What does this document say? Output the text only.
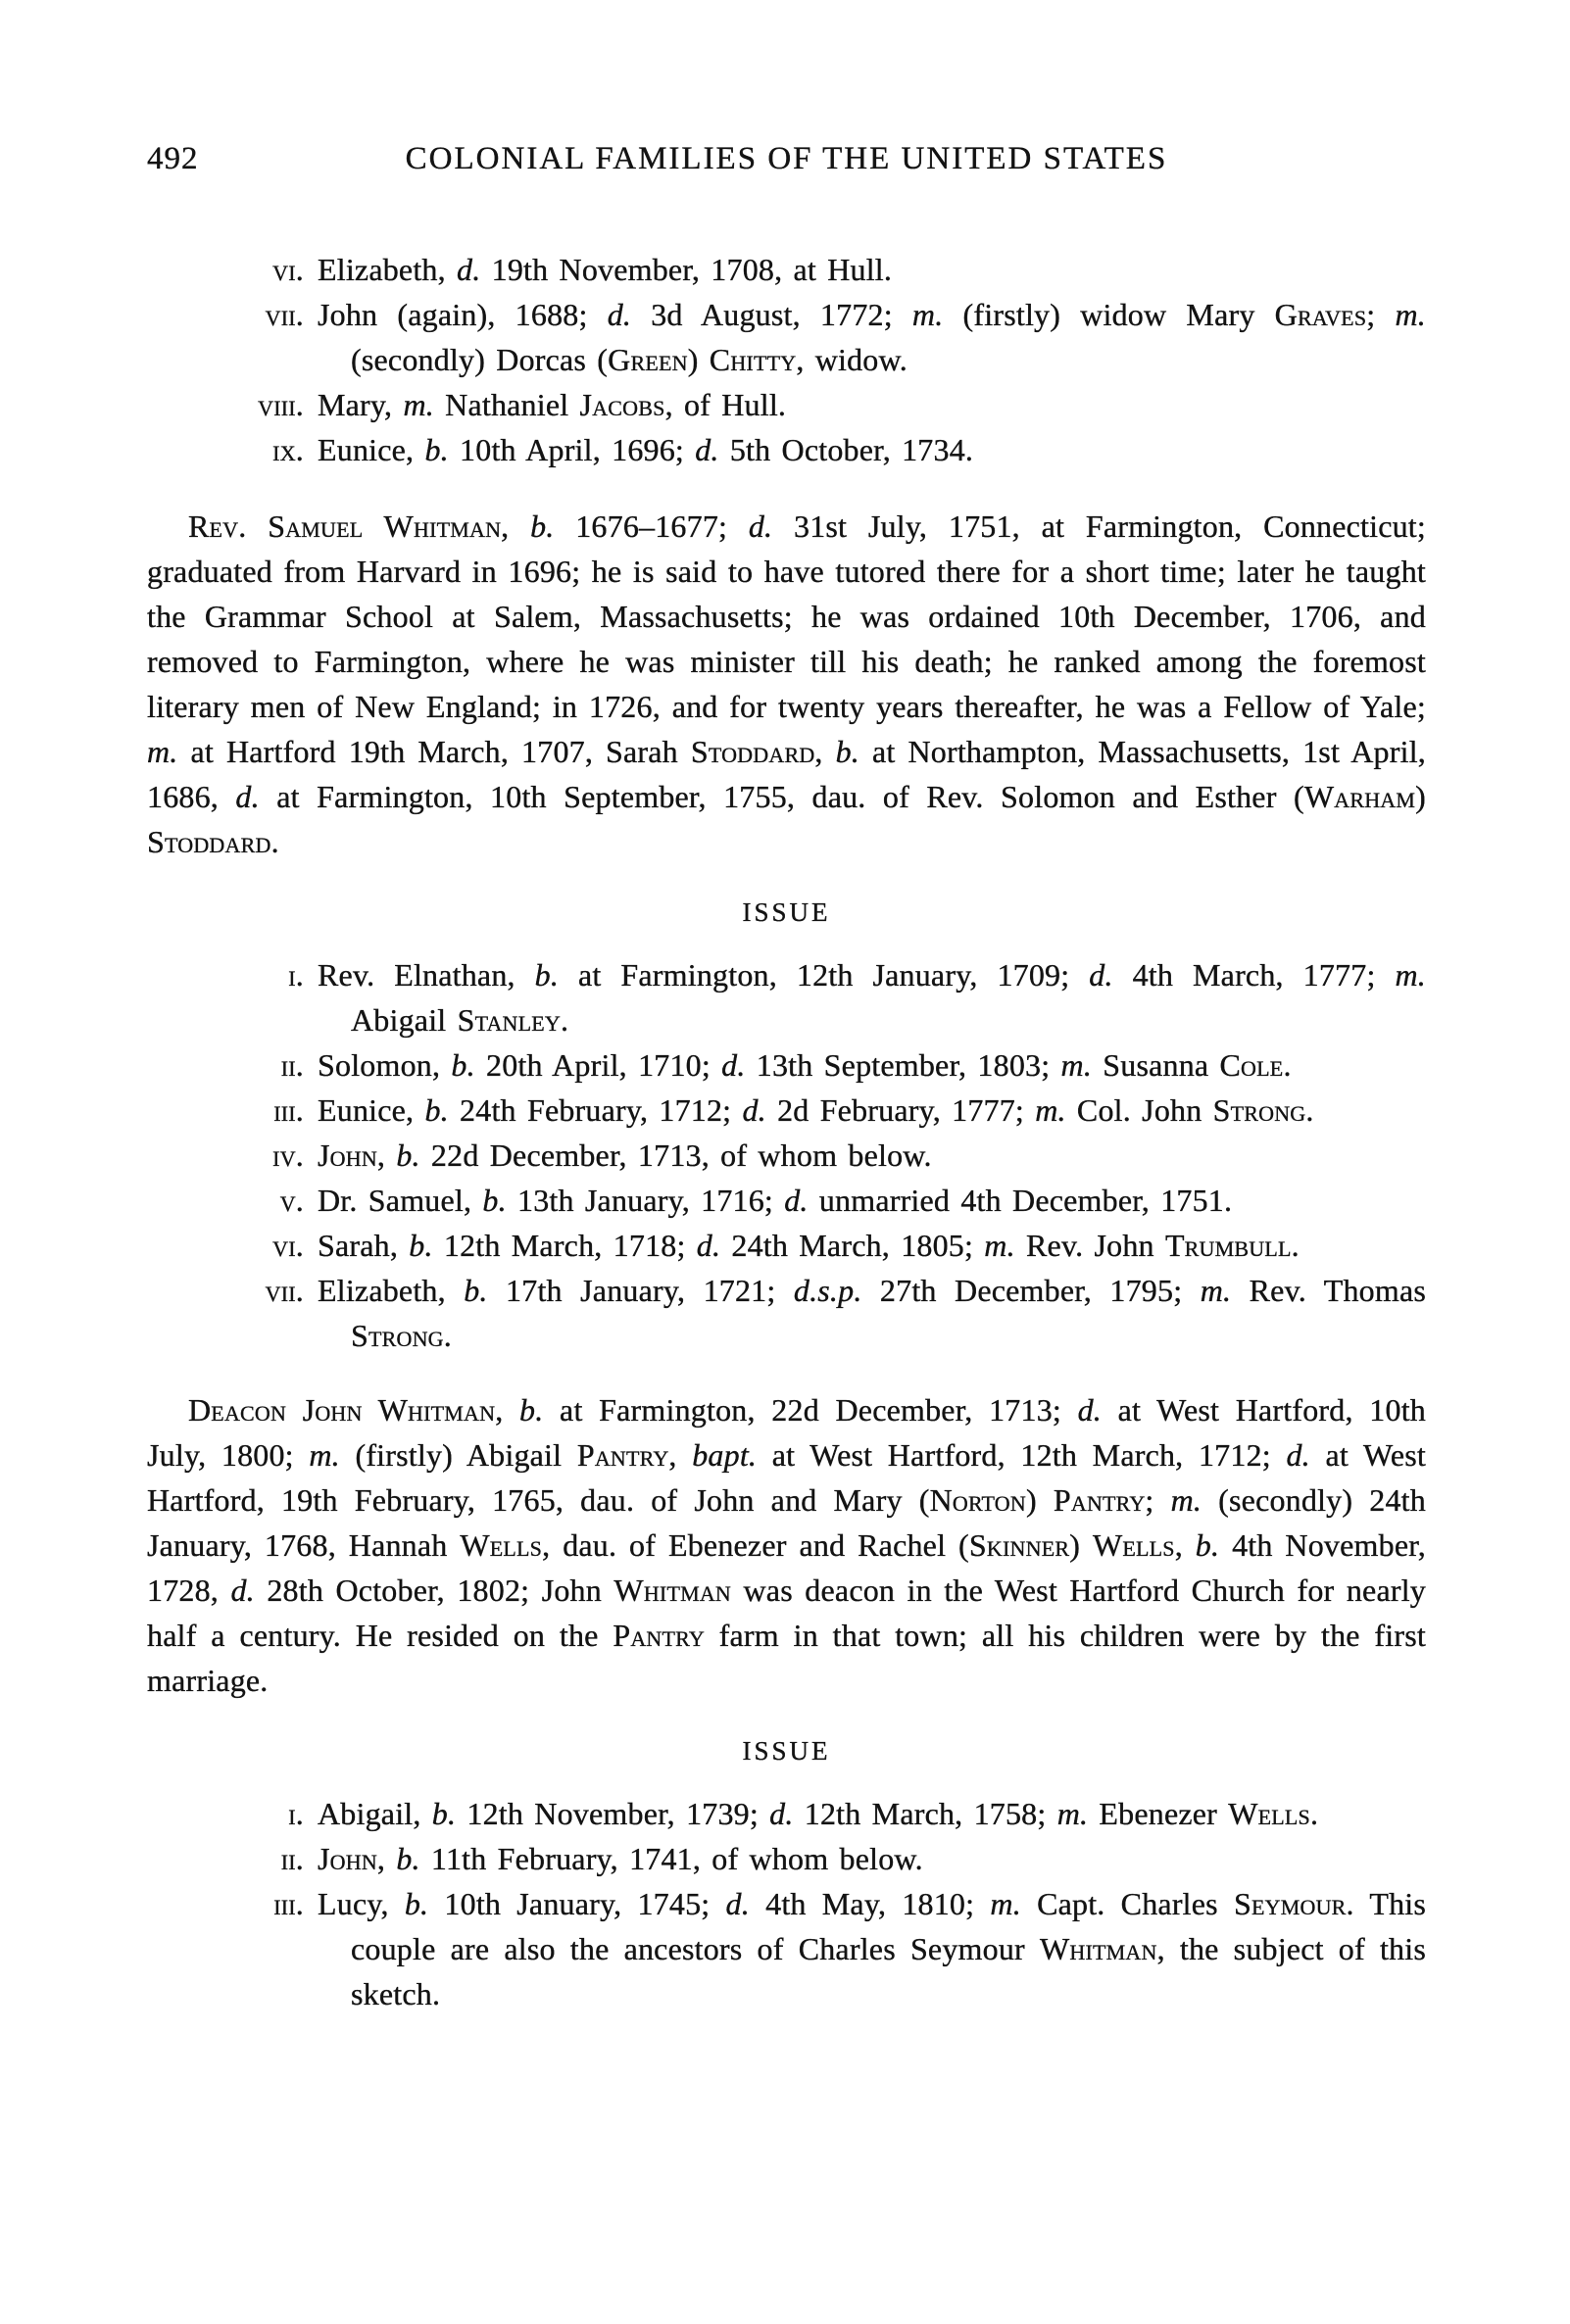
492	COLONIAL FAMILIES OF THE UNITED STATES
vi. Elizabeth, d. 19th November, 1708, at Hull.
vii. John (again), 1688; d. 3d August, 1772; m. (firstly) widow Mary Graves; m. (secondly) Dorcas (Green) Chitty, widow.
viii. Mary, m. Nathaniel Jacobs, of Hull.
ix. Eunice, b. 10th April, 1696; d. 5th October, 1734.

Rev. Samuel Whitman, b. 1676–1677; d. 31st July, 1751, at Farmington, Connecticut; graduated from Harvard in 1696; he is said to have tutored there for a short time; later he taught the Grammar School at Salem, Massachusetts; he was ordained 10th December, 1706, and removed to Farmington, where he was minister till his death; he ranked among the foremost literary men of New England; in 1726, and for twenty years thereafter, he was a Fellow of Yale; m. at Hartford 19th March, 1707, Sarah Stoddard, b. at Northampton, Massachusetts, 1st April, 1686, d. at Farmington, 10th September, 1755, dau. of Rev. Solomon and Esther (Warham) Stoddard.

ISSUE
i. Rev. Elnathan, b. at Farmington, 12th January, 1709; d. 4th March, 1777; m. Abigail Stanley.
ii. Solomon, b. 20th April, 1710; d. 13th September, 1803; m. Susanna Cole.
iii. Eunice, b. 24th February, 1712; d. 2d February, 1777; m. Col. John Strong.
iv. John, b. 22d December, 1713, of whom below.
v. Dr. Samuel, b. 13th January, 1716; d. unmarried 4th December, 1751.
vi. Sarah, b. 12th March, 1718; d. 24th March, 1805; m. Rev. John Trumbull.
vii. Elizabeth, b. 17th January, 1721; d.s.p. 27th December, 1795; m. Rev. Thomas Strong.

Deacon John Whitman, b. at Farmington, 22d December, 1713; d. at West Hartford, 10th July, 1800; m. (firstly) Abigail Pantry, bapt. at West Hartford, 12th March, 1712; d. at West Hartford, 19th February, 1765, dau. of John and Mary (Norton) Pantry; m. (secondly) 24th January, 1768, Hannah Wells, dau. of Ebenezer and Rachel (Skinner) Wells, b. 4th November, 1728, d. 28th October, 1802; John Whitman was deacon in the West Hartford Church for nearly half a century. He resided on the Pantry farm in that town; all his children were by the first marriage.

ISSUE
i. Abigail, b. 12th November, 1739; d. 12th March, 1758; m. Ebenezer Wells.
ii. John, b. 11th February, 1741, of whom below.
iii. Lucy, b. 10th January, 1745; d. 4th May, 1810; m. Capt. Charles Seymour. This couple are also the ancestors of Charles Seymour Whitman, the subject of this sketch.
